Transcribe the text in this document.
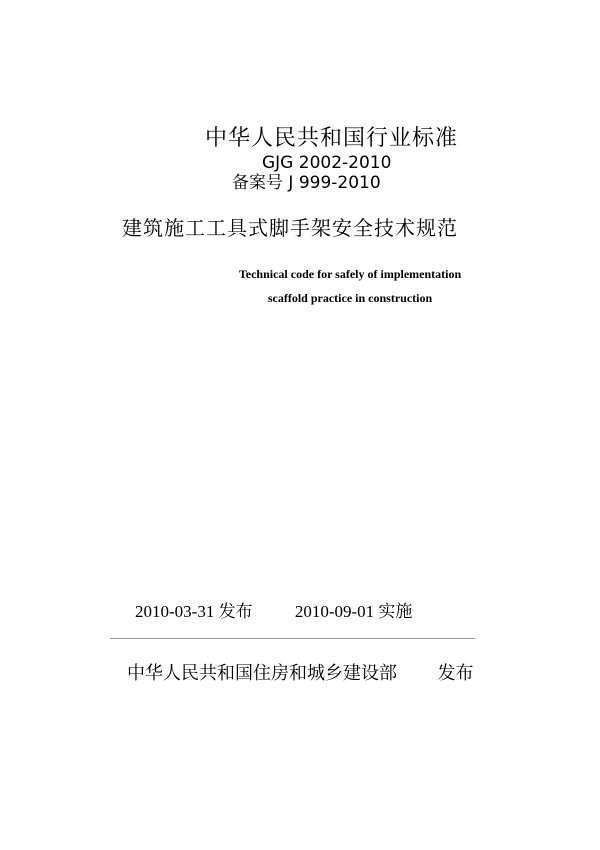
中华人民共和国行业标准
GJG 2002-2010
备案号 J 999-2010
建筑施工工具式脚手架安全技术规范
Technical code for safely of implementation
scaffold practice in construction
2010-03-31 发布 2010-09-01 实施
中华人民共和国住房和城乡建设部 发布
